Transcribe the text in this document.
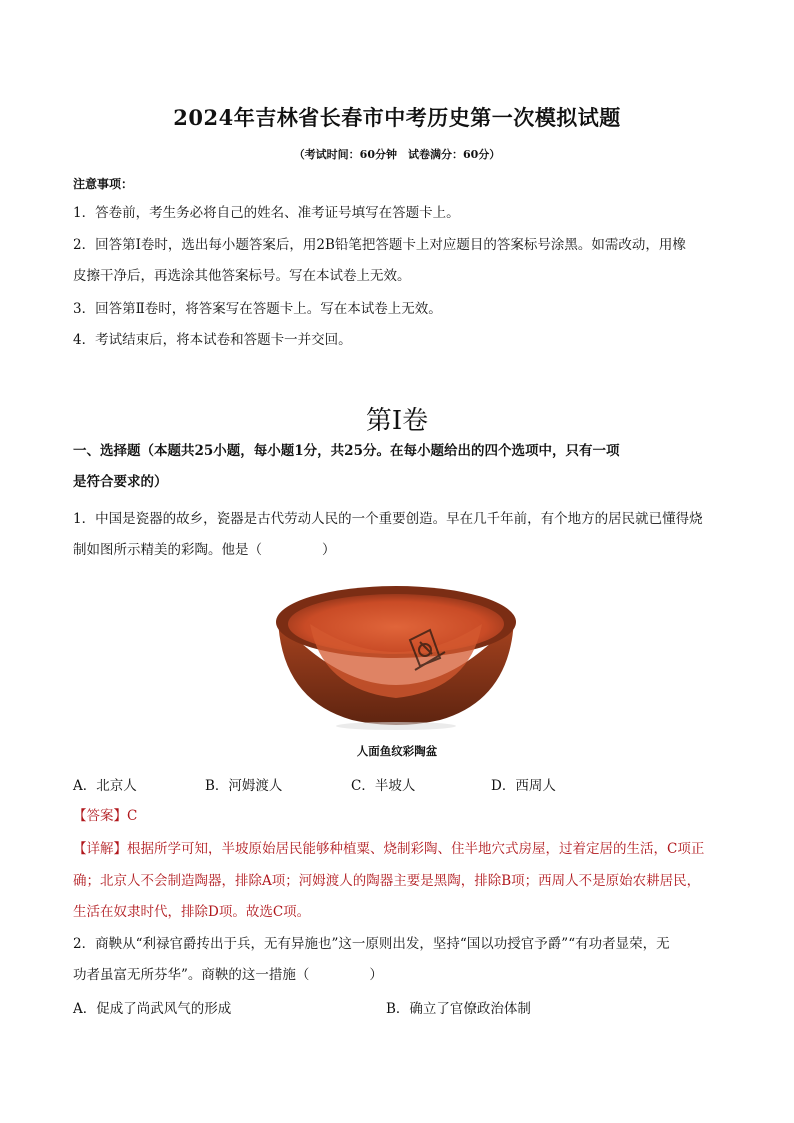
2024年吉林省长春市中考历史第一次模拟试题
（考试时间：60分钟　试卷满分：60分）
注意事项：
1．答卷前，考生务必将自己的姓名、准考证号填写在答题卡上。
2．回答第Ⅰ卷时，选出每小题答案后，用2B铅笔把答题卡上对应题目的答案标号涂黑。如需改动，用橡
皮擦干净后，再选涂其他答案标号。写在本试卷上无效。
3．回答第Ⅱ卷时，将答案写在答题卡上。写在本试卷上无效。
4．考试结束后，将本试卷和答题卡一并交回。
第Ⅰ卷
一、选择题（本题共25小题，每小题1分，共25分。在每小题给出的四个选项中，只有一项
是符合要求的）
1．中国是瓷器的故乡，瓷器是古代劳动人民的一个重要创造。早在几千年前，有个地方的居民就已懂得烧
制如图所示精美的彩陶。他是（	）
人面鱼纹彩陶盆
A．北京人	B．河姆渡人	C．半坡人	D．西周人
【答案】C
【详解】根据所学可知，半坡原始居民能够种植粟、烧制彩陶、住半地穴式房屋，过着定居的生活，C项正
确；北京人不会制造陶器，排除A项；河姆渡人的陶器主要是黑陶，排除B项；西周人不是原始农耕居民，
生活在奴隶时代，排除D项。故选C项。
2．商鞅从“利禄官爵抟出于兵，无有异施也”这一原则出发，坚持“国以功授官予爵”“有功者显荣，无
功者虽富无所芬华”。商鞅的这一措施（	）
A．促成了尚武风气的形成	B．确立了官僚政治体制
